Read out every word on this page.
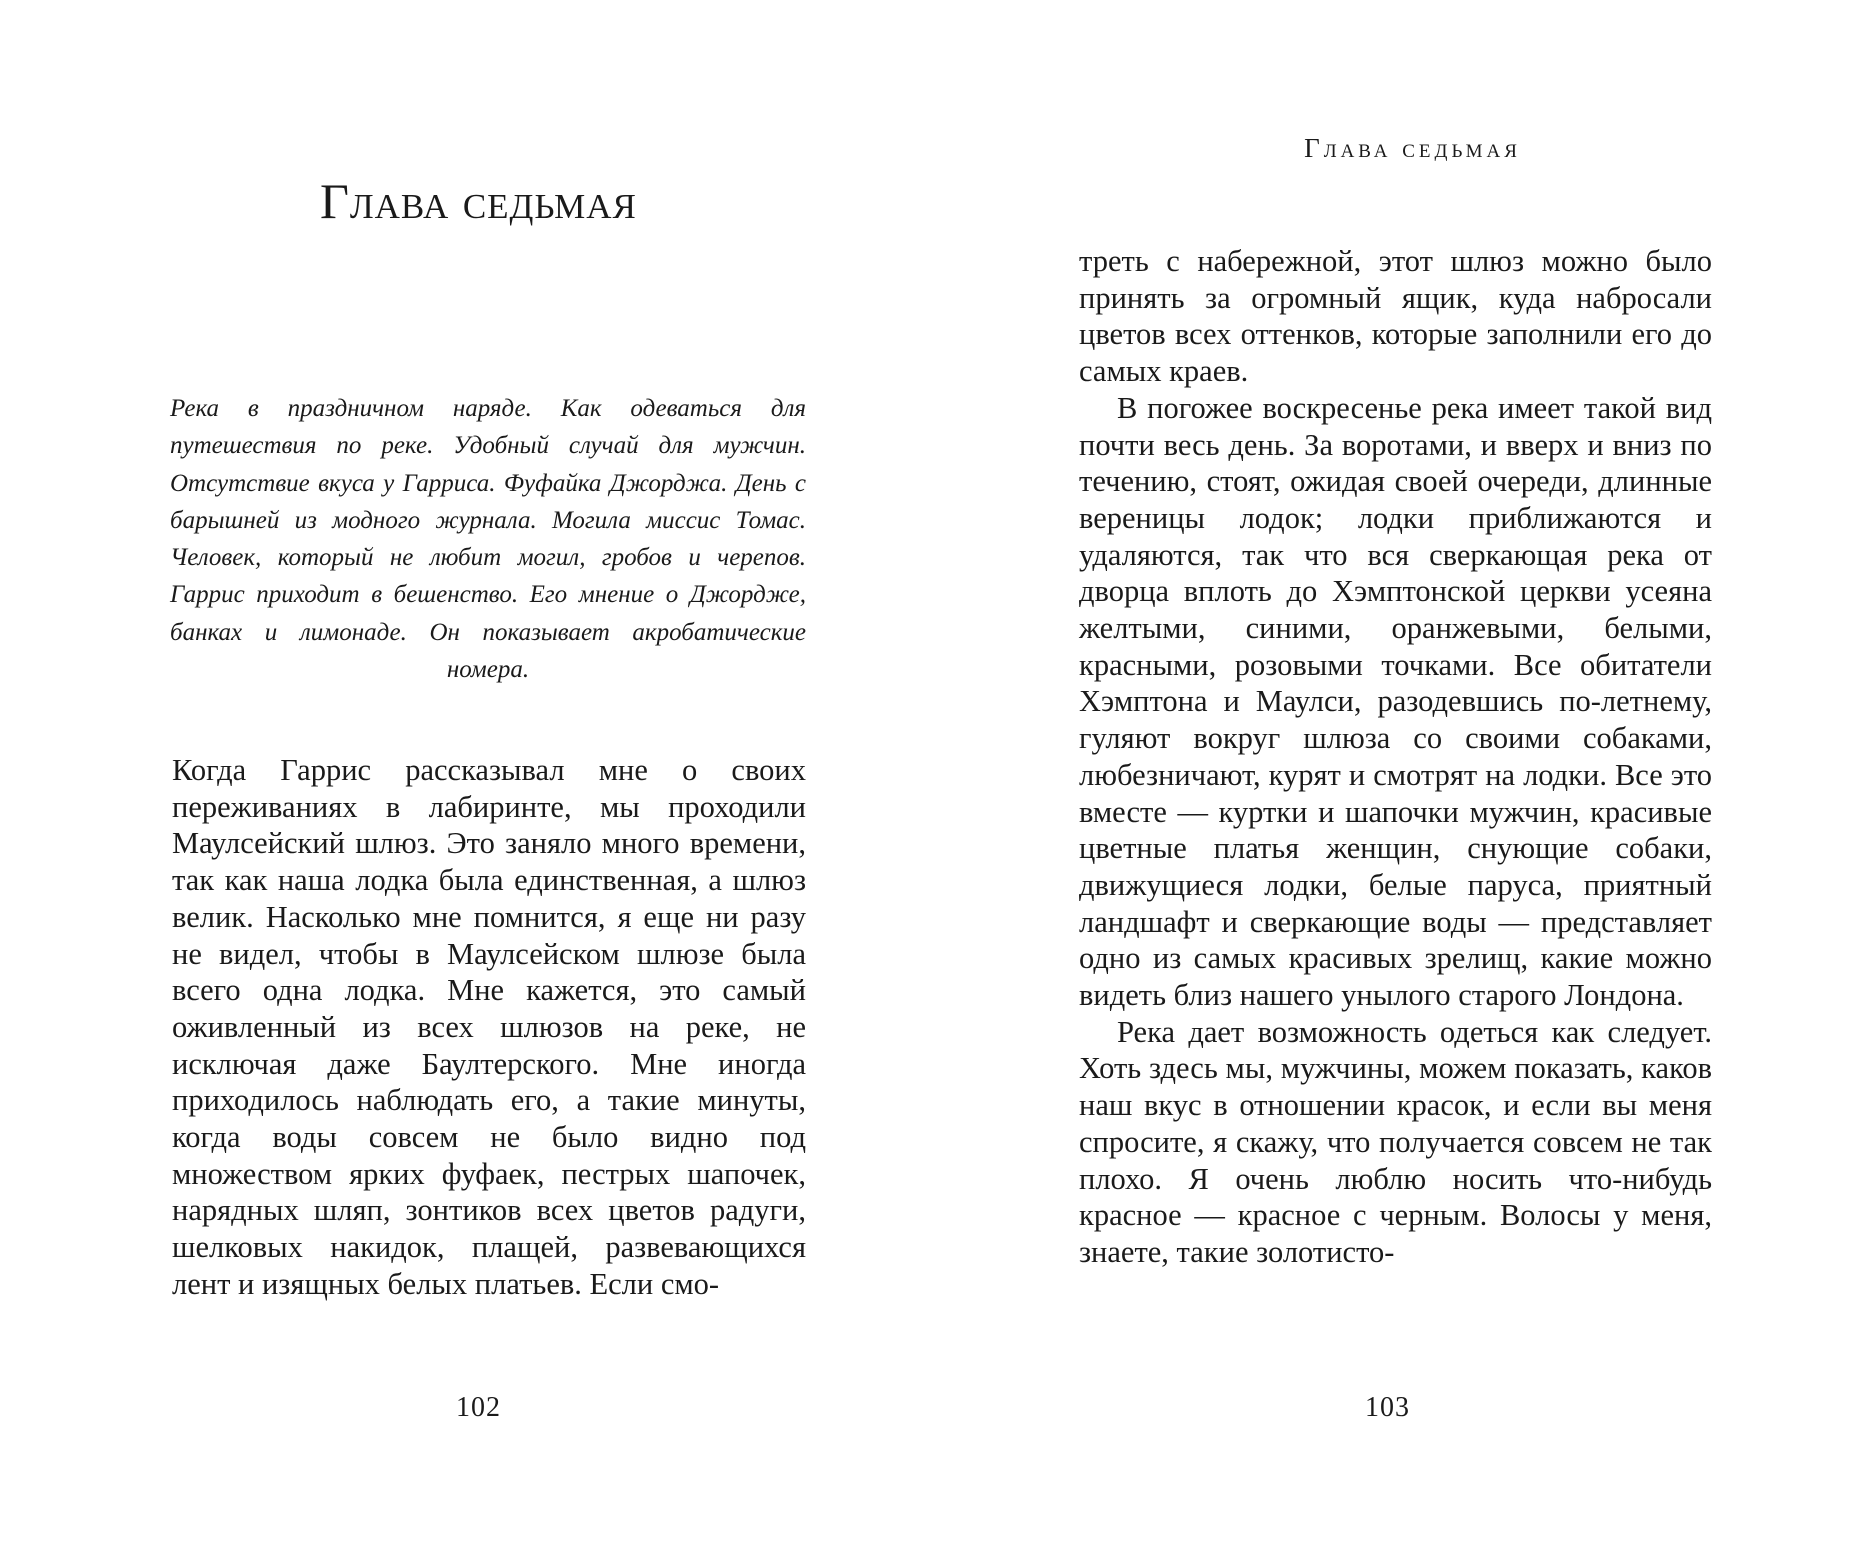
Глава седьмая

Река в праздничном наряде. Как одеваться для путешествия по реке. Удобный случай для мужчин. Отсутствие вкуса у Гарриса. Фуфайка Джорджа. День с барышней из модного журнала. Могила миссис Томас. Человек, который не любит могил, гробов и черепов. Гаррис приходит в бешенство. Его мнение о Джордже, банках и лимонаде. Он показывает акробатические номера.

Когда Гаррис рассказывал мне о своих переживаниях в лабиринте, мы проходили Маулсейский шлюз. Это заняло много времени, так как наша лодка была единственная, а шлюз велик. Насколько мне помнится, я еще ни разу не видел, чтобы в Маулсейском шлюзе была всего одна лодка. Мне кажется, это самый оживленный из всех шлюзов на реке, не исключая даже Баултерского. Мне иногда приходилось наблюдать его, а такие минуты, когда воды совсем не было видно под множеством ярких фуфаек, пестрых шапочек, нарядных шляп, зонтиков всех цветов радуги, шелковых накидок, плащей, развевающихся лент и изящных белых платьев. Если смо-

102
Глава седьмая

треть с набережной, этот шлюз можно было принять за огромный ящик, куда набросали цветов всех оттенков, которые заполнили его до самых краев.

В погожее воскресенье река имеет такой вид почти весь день. За воротами, и вверх и вниз по течению, стоят, ожидая своей очереди, длинные вереницы лодок; лодки приближаются и удаляются, так что вся сверкающая река от дворца вплоть до Хэмптонской церкви усеяна желтыми, синими, оранжевыми, белыми, красными, розовыми точками. Все обитатели Хэмптона и Маулси, разодевшись по-летнему, гуляют вокруг шлюза со своими собаками, любезничают, курят и смотрят на лодки. Все это вместе — куртки и шапочки мужчин, красивые цветные платья женщин, снующие собаки, движущиеся лодки, белые паруса, приятный ландшафт и сверкающие воды — представляет одно из самых красивых зрелищ, какие можно видеть близ нашего унылого старого Лондона.

Река дает возможность одеться как следует. Хоть здесь мы, мужчины, можем показать, каков наш вкус в отношении красок, и если вы меня спросите, я скажу, что получается совсем не так плохо. Я очень люблю носить что-нибудь красное — красное с черным. Волосы у меня, знаете, такие золотисто-

103
